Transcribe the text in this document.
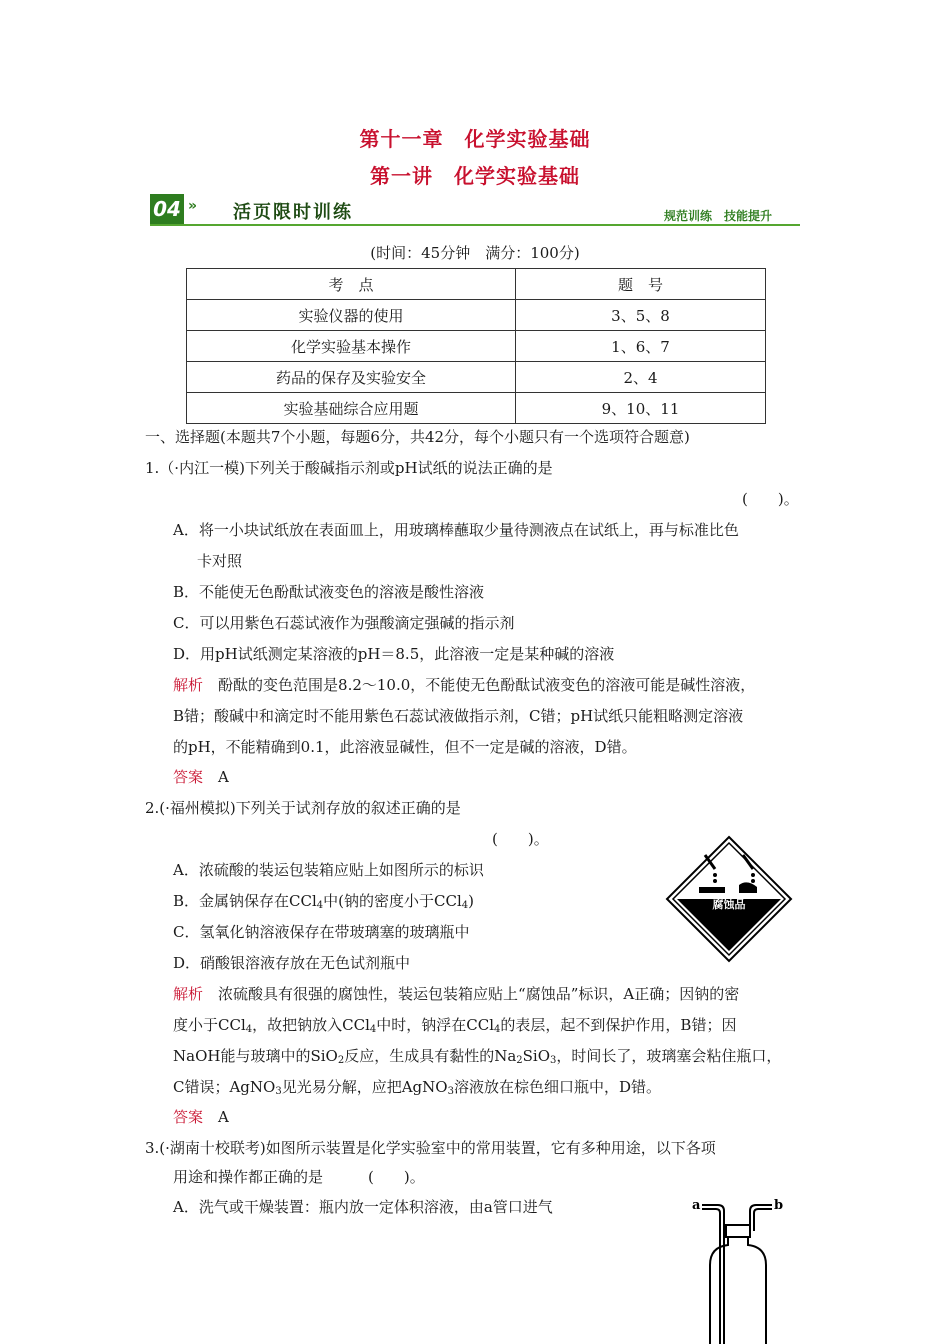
第十一章　化学实验基础
第一讲　化学实验基础
04 » 活页限时训练	规范训练　技能提升
(时间：45分钟　满分：100分)
考　点	题　号
实验仪器的使用	3、5、8
化学实验基本操作	1、6、7
药品的保存及实验安全	2、4
实验基础综合应用题	9、10、11
一、选择题(本题共7个小题，每题6分，共42分，每个小题只有一个选项符合题意)
1.（·内江一模)下列关于酸碱指示剂或pH试纸的说法正确的是
(　　)。
A．将一小块试纸放在表面皿上，用玻璃棒蘸取少量待测液点在试纸上，再与标准比色
卡对照
B．不能使无色酚酞试液变色的溶液是酸性溶液
C．可以用紫色石蕊试液作为强酸滴定强碱的指示剂
D．用pH试纸测定某溶液的pH＝8.5，此溶液一定是某种碱的溶液
解析　 酚酞的变色范围是8.2～10.0，不能使无色酚酞试液变色的溶液可能是碱性溶液，
B错；酸碱中和滴定时不能用紫色石蕊试液做指示剂，C错；pH试纸只能粗略测定溶液
的pH，不能精确到0.1，此溶液显碱性，但不一定是碱的溶液，D错。
答案　 A
2.(·福州模拟)下列关于试剂存放的叙述正确的是
(　　)。
A．浓硫酸的装运包装箱应贴上如图所示的标识
B．金属钠保存在CCl$_4$中(钠的密度小于CCl$_4$)
C．氢氧化钠溶液保存在带玻璃塞的玻璃瓶中
D．硝酸银溶液存放在无色试剂瓶中
腐蚀品
解析　 浓硫酸具有很强的腐蚀性，装运包装箱应贴上“腐蚀品”标识，A正确；因钠的密
度小于CCl$_4$，故把钠放入CCl$_4$中时，钠浮在CCl$_4$的表层，起不到保护作用，B错；因
NaOH能与玻璃中的SiO$_2$反应，生成具有黏性的$Na_2SiO_3$，时间长了，玻璃塞会粘住瓶口，
C错误；AgNO$_3$见光易分解，应把AgNO$_3$溶液放在棕色细口瓶中，D错。
答案　 A
3.(·湖南十校联考)如图所示装置是化学实验室中的常用装置，它有多种用途，以下各项
用途和操作都正确的是　　　(　　)。
A．洗气或干燥装置：瓶内放一定体积溶液，由a管口进气	a	b
